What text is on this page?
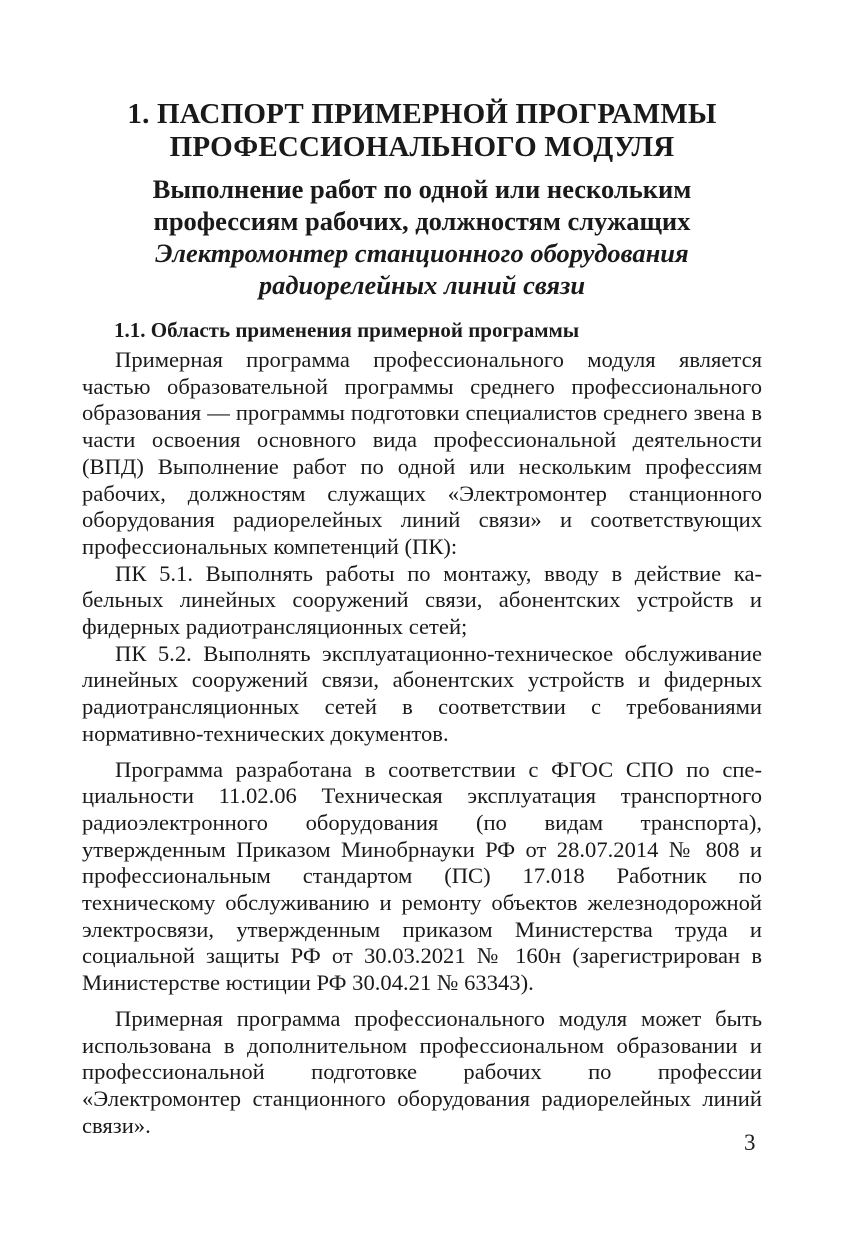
1. ПАСПОРТ ПРИМЕРНОЙ ПРОГРАММЫ
ПРОФЕССИОНАЛЬНОГО МОДУЛЯ
Выполнение работ по одной или нескольким
профессиям рабочих, должностям служащих
Электромонтер станционного оборудования
радиорелейных линий связи
1.1. Область применения примерной программы

Примерная программа профессионального модуля является частью образовательной программы среднего профессионального образования — программы подготовки специалистов среднего звена в части освоения основного вида профессиональной деятельности (ВПД) Выполнение работ по одной или нескольким профессиям рабочих, должностям служащих «Электромонтер станционного оборудования радиорелейных линий связи» и соответствующих профессиональных компетенций (ПК):

ПК 5.1. Выполнять работы по монтажу, вводу в действие кабельных линейных сооружений связи, абонентских устройств и фидерных радиотрансляционных сетей;

ПК 5.2. Выполнять эксплуатационно-техническое обслуживание линейных сооружений связи, абонентских устройств и фидерных радиотрансляционных сетей в соответствии с требованиями нормативно-технических документов.

Программа разработана в соответствии с ФГОС СПО по специальности 11.02.06 Техническая эксплуатация транспортного радиоэлектронного оборудования (по видам транспорта), утвержденным Приказом Минобрнауки РФ от 28.07.2014 № 808 и профессиональным стандартом (ПС) 17.018 Работник по техническому обслуживанию и ремонту объектов железнодорожной электросвязи, утвержденным приказом Министерства труда и социальной защиты РФ от 30.03.2021 № 160н (зарегистрирован в Министерстве юстиции РФ 30.04.21 № 63343).

Примерная программа профессионального модуля может быть использована в дополнительном профессиональном образовании и профессиональной подготовке рабочих по профессии «Электромонтер станционного оборудования радиорелейных линий связи».

3
